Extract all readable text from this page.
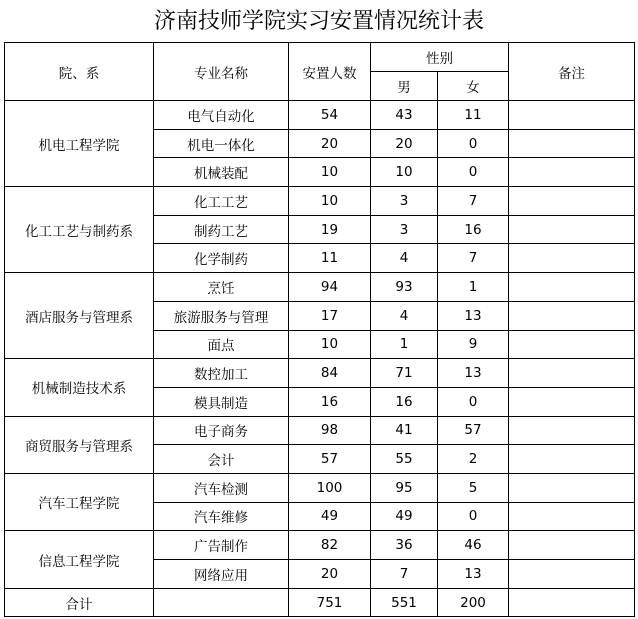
济南技师学院实习安置情况统计表
院、系	专业名称	安置人数	性别		备注
			男	女	
机电工程学院	电气自动化	54	43	11	
	机电一体化	20	20	0	
	机械装配	10	10	0	
化工工艺与制药系	化工工艺	10	3	7	
	制药工艺	19	3	16	
	化学制药	11	4	7	
酒店服务与管理系	烹饪	94	93	1	
	旅游服务与管理	17	4	13	
	面点	10	1	9	
机械制造技术系	数控加工	84	71	13	
	模具制造	16	16	0	
商贸服务与管理系	电子商务	98	41	57	
	会计	57	55	2	
汽车工程学院	汽车检测	100	95	5	
	汽车维修	49	49	0	
信息工程学院	广告制作	82	36	46	
	网络应用	20	7	13	
合计		751	551	200	
